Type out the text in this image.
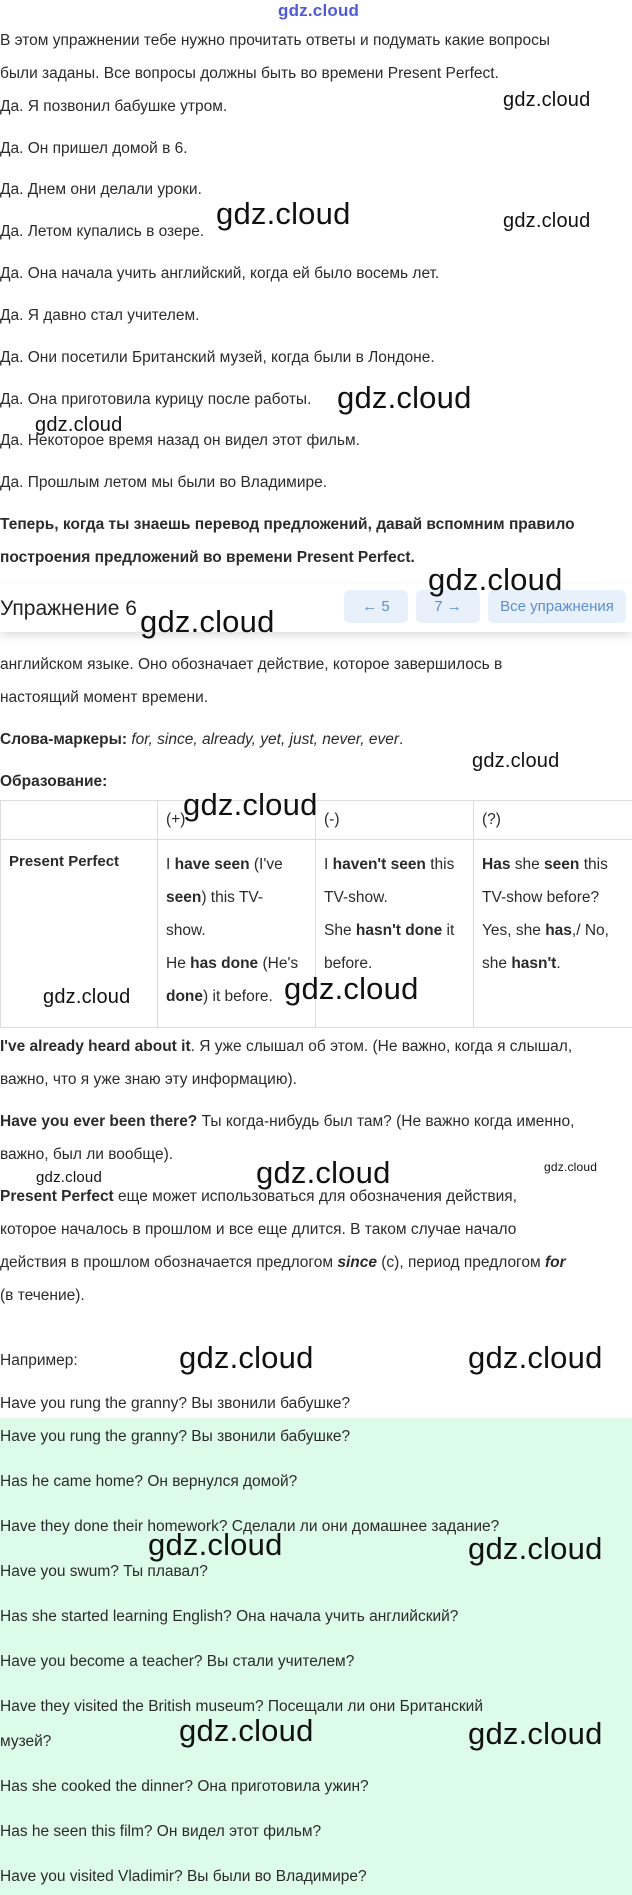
gdz.cloud
В этом упражнении тебе нужно прочитать ответы и подумать какие вопросы
были заданы. Все вопросы должны быть во времени Present Perfect.
Да. Я позвонил бабушке утром.
Да. Он пришел домой в 6.
Да. Днем они делали уроки.
Да. Летом купались в озере.
Да. Она начала учить английский, когда ей было восемь лет.
Да. Я давно стал учителем.
Да. Они посетили Британский музей, когда были в Лондоне.
Да. Она приготовила курицу после работы.
Да. Некоторое время назад он видел этот фильм.
Да. Прошлым летом мы были во Владимире.
Теперь, когда ты знаешь перевод предложений, давай вспомним правило
построения предложений во времени Present Perfect.
Упражнение 6	← 5	7 →	Все упражнения
английском языке. Оно обозначает действие, которое завершилось в
настоящий момент времени.
Слова-маркеры: for, since, already, yet, just, never, ever.
Образование:

	(+)	(-)	(?)

Present Perfect	I have seen (I've
seen) this TV-
show.
He has done (He's
done) it before.	I haven't seen this
TV-show.
She hasn't done it
before.	Has she seen this
TV-show before?
Yes, she has,/ No,
she hasn't.
I've already heard about it. Я уже слышал об этом. (Не важно, когда я слышал,
важно, что я уже знаю эту информацию).
Have you ever been there? Ты когда-нибудь был там? (Не важно когда именно,
важно, был ли вообще).
Present Perfect еще может использоваться для обозначения действия,
которое началось в прошлом и все еще длится. В таком случае начало
действия в прошлом обозначается предлогом since (с), период предлогом for
(в течение).
Например:
Have you rung the granny? Вы звонили бабушке?
Have you rung the granny? Вы звонили бабушке?
Has he came home? Он вернулся домой?
Have they done their homework? Сделали ли они домашнее задание?
Have you swum? Ты плавал?
Has she started learning English? Она начала учить английский?
Have you become a teacher? Вы стали учителем?
Have they visited the British museum? Посещали ли они Британский
музей?
Has she cooked the dinner? Она приготовила ужин?
Has he seen this film? Он видел этот фильм?
Have you visited Vladimir? Вы были во Владимире?
gdz.cloud
gdz.cloud	gdz.cloud
gdz.cloud
gdz.cloud
gdz.cloud
gdz.cloud
gdz.cloud
gdz.cloud
gdz.cloud	gdz.cloud
gdz.cloud	gdz.cloud	gdz.cloud
gdz.cloud	gdz.cloud
gdz.cloud	gdz.cloud
gdz.cloud	gdz.cloud
